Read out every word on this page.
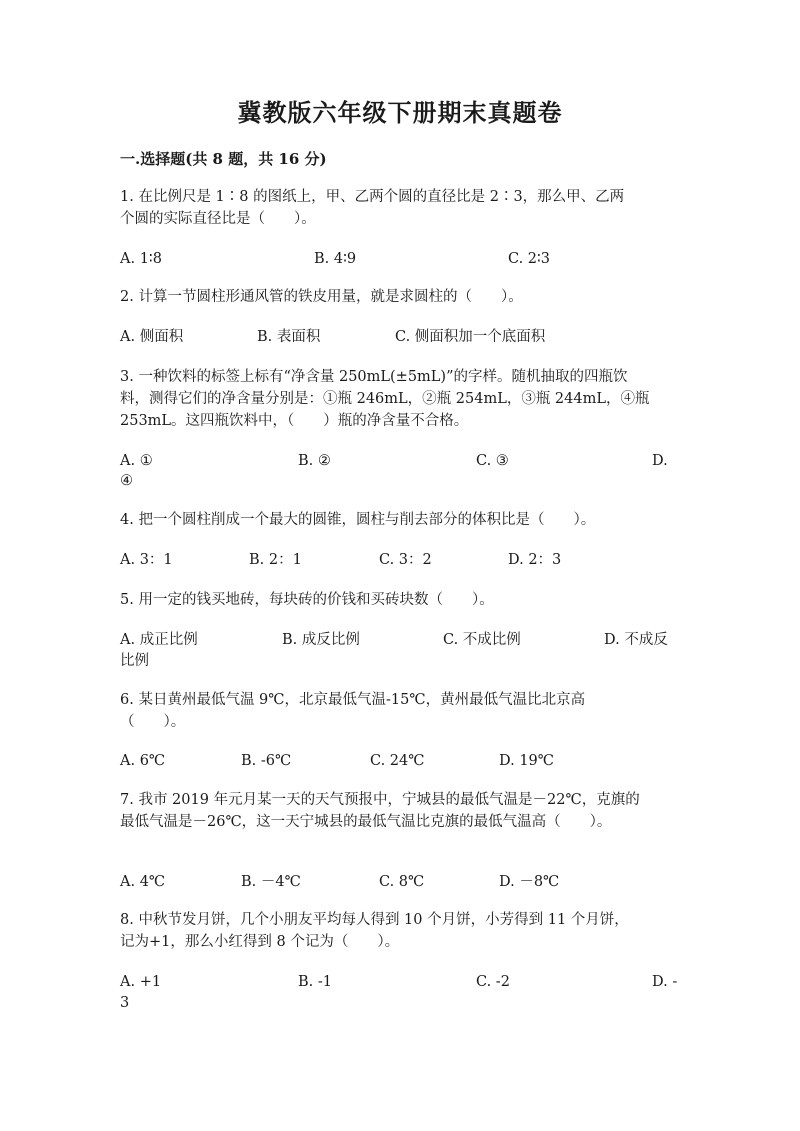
冀教版六年级下册期末真题卷
一.选择题(共 8 题，共 16 分)
1. 在比例尺是 1∶8 的图纸上，甲、乙两个圆的直径比是 2∶3，那么甲、乙两
个圆的实际直径比是（　　）。
A. 1∶8	B. 4∶9	C. 2∶3
2. 计算一节圆柱形通风管的铁皮用量，就是求圆柱的（　　）。
A. 侧面积	B. 表面积	C. 侧面积加一个底面积
3. 一种饮料的标签上标有“净含量 250mL(±5mL)”的字样。随机抽取的四瓶饮
料，测得它们的净含量分别是：①瓶 246mL，②瓶 254mL，③瓶 244mL，④瓶
253mL。这四瓶饮料中，（　　）瓶的净含量不合格。
A. ①	B. ②	C. ③	D.
④
4. 把一个圆柱削成一个最大的圆锥，圆柱与削去部分的体积比是（　　）。
A. 3：1	B. 2：1	C. 3：2	D. 2：3
5. 用一定的钱买地砖，每块砖的价钱和买砖块数（　　）。
A. 成正比例	B. 成反比例	C. 不成比例	D. 不成反
比例
6. 某日黄州最低气温 9℃，北京最低气温-15℃，黄州最低气温比北京高
（　　）。
A. 6℃	B. -6℃	C. 24℃	D. 19℃
7. 我市 2019 年元月某一天的天气预报中，宁城县的最低气温是－22℃，克旗的
最低气温是－26℃，这一天宁城县的最低气温比克旗的最低气温高（　　）。
A. 4℃	B. －4℃	C. 8℃	D. －8℃
8. 中秋节发月饼，几个小朋友平均每人得到 10 个月饼，小芳得到 11 个月饼，
记为+1，那么小红得到 8 个记为（　　）。
A. +1	B. -1	C. -2	D. -
3
